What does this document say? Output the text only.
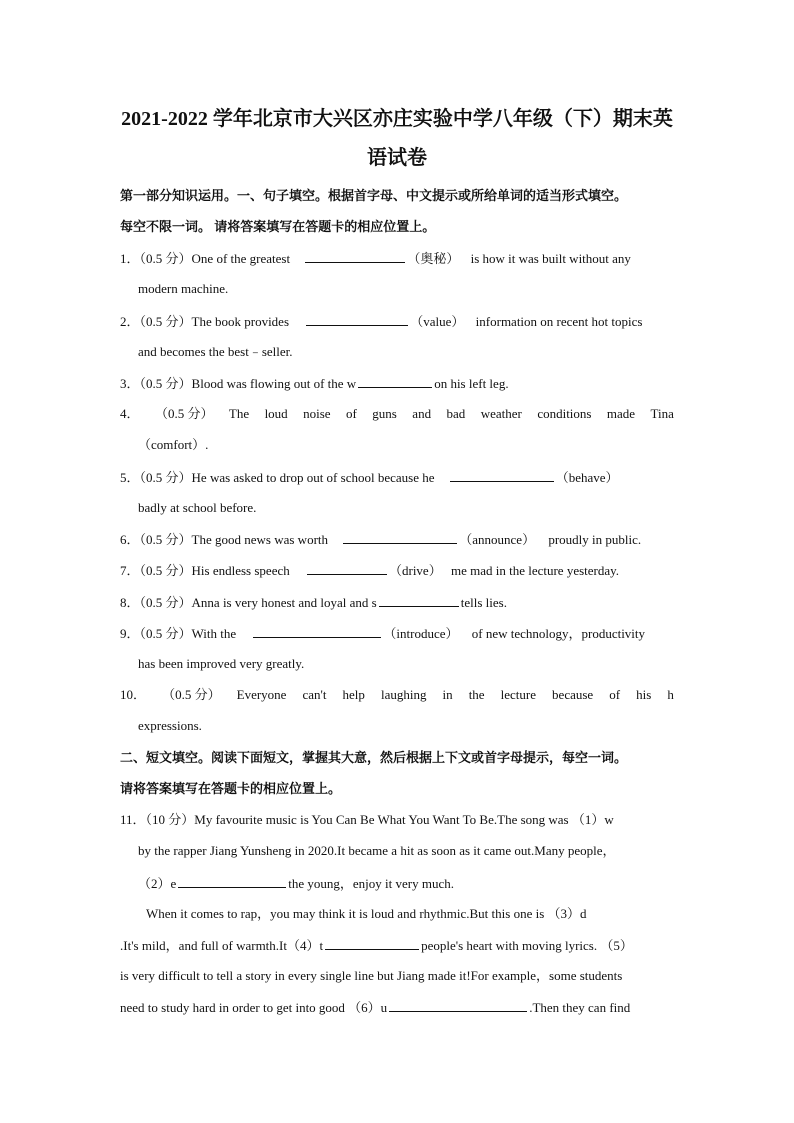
2021-2022 学年北京市大兴区亦庄实验中学八年级（下）期末英
语试卷
第一部分知识运用。一、句子填空。根据首字母、中文提示或所给单词的适当形式填空。
每空不限一词。 请将答案填写在答题卡的相应位置上。
1．（0.5 分）One of the greatest	（奥秘） is how it was built without any
modern machine.
2．（0.5 分）The book provides	（value） information on recent hot topics
and becomes the best﹣seller.
3．（0.5 分）Blood was flowing out of the w	on his left leg.
4． （0.5 分） The loud noise of guns and bad weather conditions made Tina
（comfort）.
5．（0.5 分）He was asked to drop out of school because he	（behave）
badly at school before.
6．（0.5 分）The good news was worth	（announce） proudly in public.
7．（0.5 分）His endless speech	（drive） me mad in the lecture yesterday.
8．（0.5 分）Anna is very honest and loyal and s	tells lies.
9．（0.5 分）With the	（introduce） of new technology，productivity
has been improved very greatly.
10． （0.5 分） Everyone can't help laughing in the lecture because of his h
expressions.
二、短文填空。阅读下面短文，掌握其大意，然后根据上下文或首字母提示，每空一词。
请将答案填写在答题卡的相应位置上。
11．（10 分）My favourite music is You Can Be What You Want To Be.The song was （1）w
by the rapper Jiang Yunsheng in 2020.It became a hit as soon as it came out.Many people，
（2）e	the young，enjoy it very much.
When it comes to rap，you may think it is loud and rhythmic.But this one is （3）d
.It's mild，and full of warmth.It（4）t	people's heart with moving lyrics. （5）
is very difficult to tell a story in every single line but Jiang made it!For example，some students
need to study hard in order to get into good （6）u	.Then they can find
